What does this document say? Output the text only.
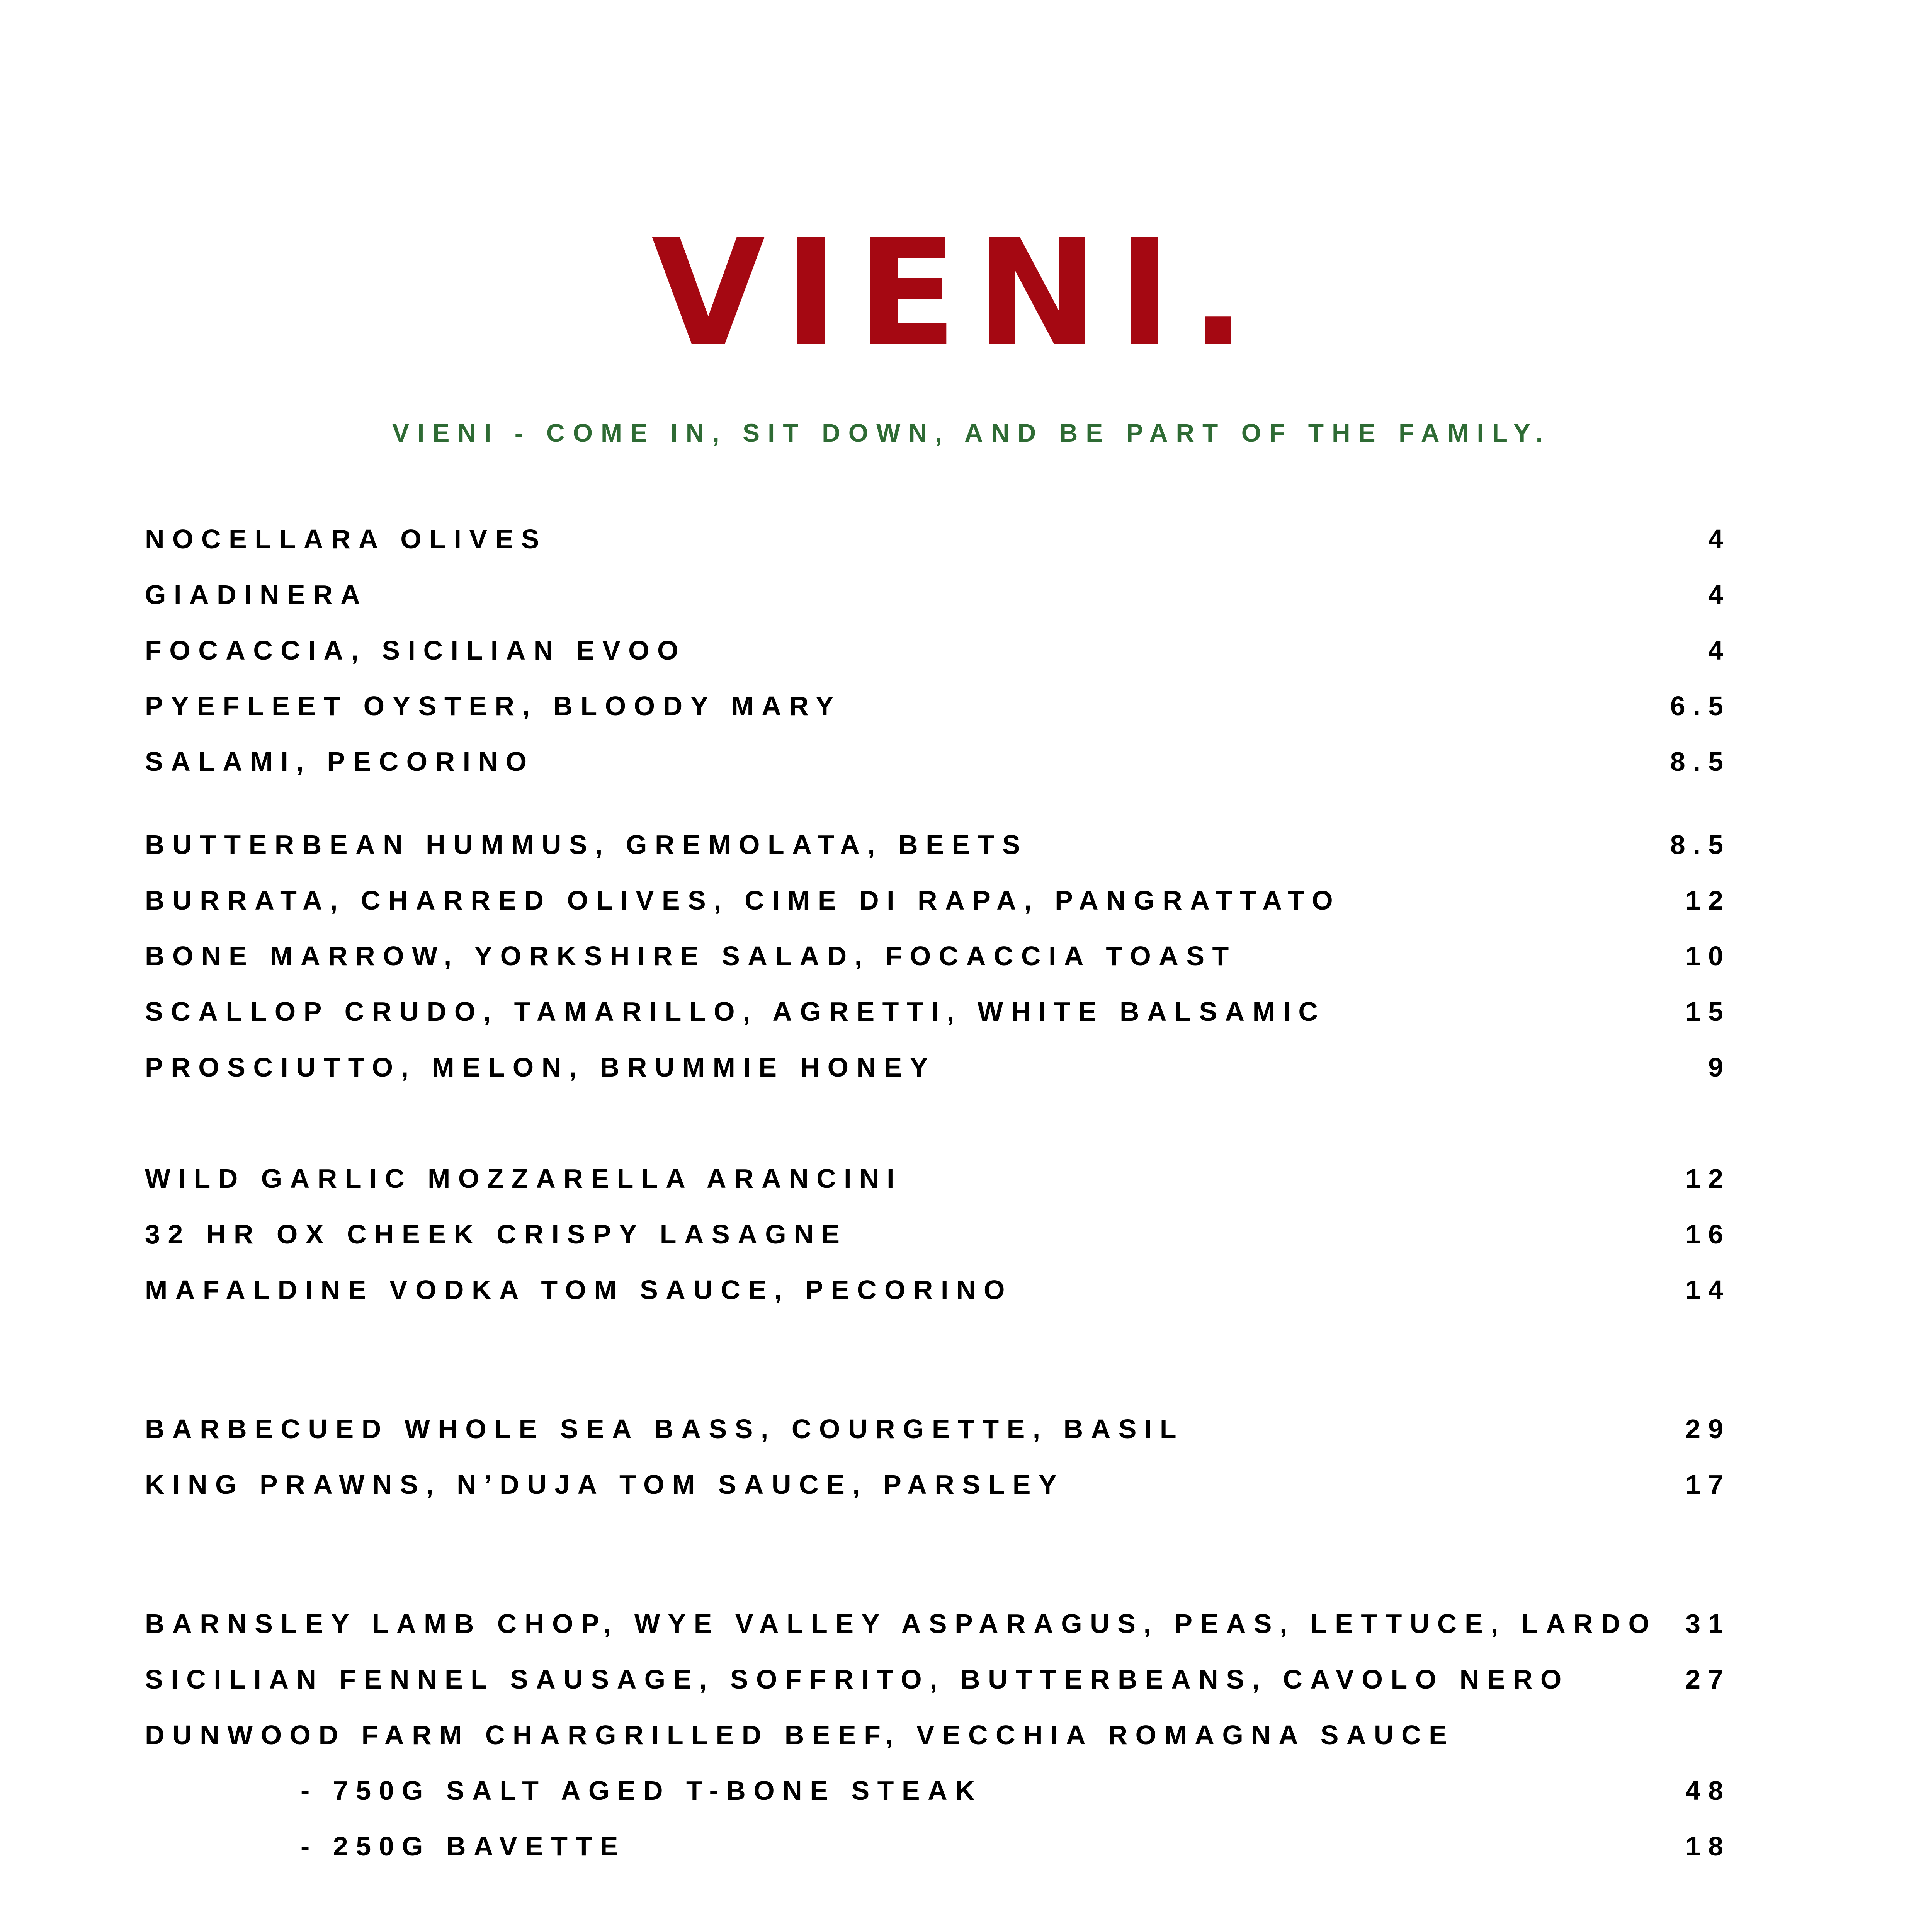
VIENI.
VIENI - COME IN, SIT DOWN, AND BE PART OF THE FAMILY.
NOCELLARA OLIVES	4
GIADINERA	4
FOCACCIA, SICILIAN EVOO	4
PYEFLEET OYSTER, BLOODY MARY	6.5
SALAMI, PECORINO	8.5
BUTTERBEAN HUMMUS, GREMOLATA, BEETS	8.5
BURRATA, CHARRED OLIVES, CIME DI RAPA, PANGRATTATO	12
BONE MARROW, YORKSHIRE SALAD, FOCACCIA TOAST	10
SCALLOP CRUDO, TAMARILLO, AGRETTI, WHITE BALSAMIC	15
PROSCIUTTO, MELON, BRUMMIE HONEY	9
WILD GARLIC MOZZARELLA ARANCINI	12
32 HR OX CHEEK CRISPY LASAGNE	16
MAFALDINE VODKA TOM SAUCE, PECORINO	14
BARBECUED WHOLE SEA BASS, COURGETTE, BASIL	29
KING PRAWNS, N’DUJA TOM SAUCE, PARSLEY	17
BARNSLEY LAMB CHOP, WYE VALLEY ASPARAGUS, PEAS, LETTUCE, LARDO 31
SICILIAN FENNEL SAUSAGE, SOFFRITO, BUTTERBEANS, CAVOLO NERO	27
DUNWOOD FARM CHARGRILLED BEEF, VECCHIA ROMAGNA SAUCE
- 750G SALT AGED T-BONE STEAK	48
- 250G BAVETTE	18
